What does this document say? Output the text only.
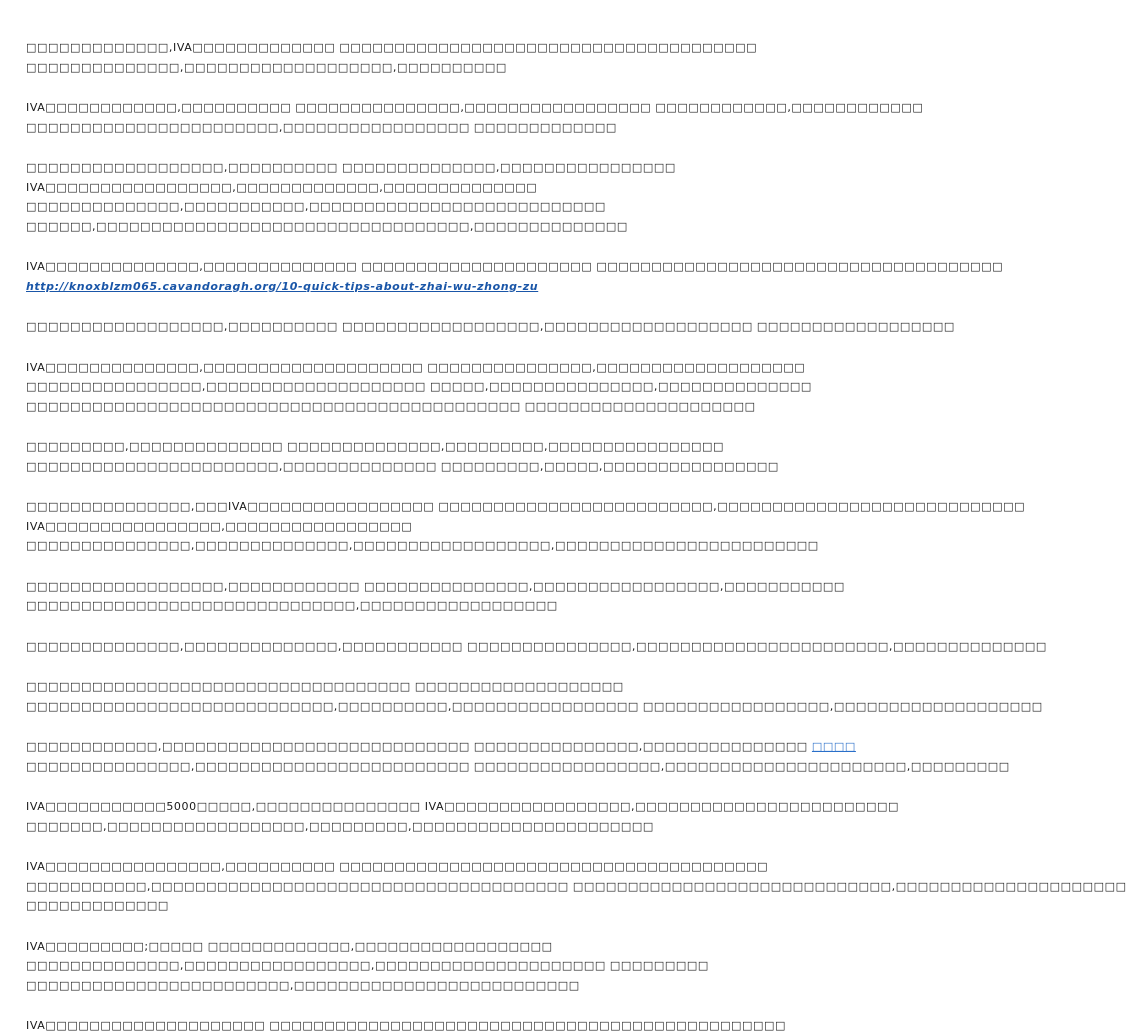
□□□□□□□□□□□□□,IVA□□□□□□□□□□□□□ □□□□□□□□□□□□□□□□□□□□□□□□□□□□□□□□□□□□□□
□□□□□□□□□□□□□□,□□□□□□□□□□□□□□□□□□□,□□□□□□□□□□
IVA□□□□□□□□□□□□,□□□□□□□□□□ □□□□□□□□□□□□□□□,□□□□□□□□□□□□□□□□□ □□□□□□□□□□□□,□□□□□□□□□□□□
□□□□□□□□□□□□□□□□□□□□□□□,□□□□□□□□□□□□□□□□□ □□□□□□□□□□□□□
□□□□□□□□□□□□□□□□□□,□□□□□□□□□□ □□□□□□□□□□□□□□,□□□□□□□□□□□□□□□□
IVA□□□□□□□□□□□□□□□□□,□□□□□□□□□□□□□,□□□□□□□□□□□□□□
□□□□□□□□□□□□□□,□□□□□□□□□□□,□□□□□□□□□□□□□□□□□□□□□□□□□□□
□□□□□□,□□□□□□□□□□□□□□□□□□□□□□□□□□□□□□□□□□,□□□□□□□□□□□□□□
IVA□□□□□□□□□□□□□□,□□□□□□□□□□□□□□ □□□□□□□□□□□□□□□□□□□□□ □□□□□□□□□□□□□□□□□□□□□□□□□□□□□□□□□□□□□
http://knoxblzm065.cavandoragh.org/10-quick-tips-about-zhai-wu-zhong-zu
□□□□□□□□□□□□□□□□□□,□□□□□□□□□□ □□□□□□□□□□□□□□□□□□,□□□□□□□□□□□□□□□□□□□ □□□□□□□□□□□□□□□□□□
IVA□□□□□□□□□□□□□□,□□□□□□□□□□□□□□□□□□□□ □□□□□□□□□□□□□□□,□□□□□□□□□□□□□□□□□□□
□□□□□□□□□□□□□□□□,□□□□□□□□□□□□□□□□□□□□ □□□□□,□□□□□□□□□□□□□□□,□□□□□□□□□□□□□□
□□□□□□□□□□□□□□□□□□□□□□□□□□□□□□□□□□□□□□□□□□□□□ □□□□□□□□□□□□□□□□□□□□□
□□□□□□□□□,□□□□□□□□□□□□□□ □□□□□□□□□□□□□□,□□□□□□□□□,□□□□□□□□□□□□□□□□
□□□□□□□□□□□□□□□□□□□□□□□,□□□□□□□□□□□□□□ □□□□□□□□□,□□□□□,□□□□□□□□□□□□□□□□
□□□□□□□□□□□□□□□,□□□IVA□□□□□□□□□□□□□□□□□ □□□□□□□□□□□□□□□□□□□□□□□□□,□□□□□□□□□□□□□□□□□□□□□□□□□□□□
IVA□□□□□□□□□□□□□□□□,□□□□□□□□□□□□□□□□□
□□□□□□□□□□□□□□□,□□□□□□□□□□□□□□,□□□□□□□□□□□□□□□□□□,□□□□□□□□□□□□□□□□□□□□□□□□
□□□□□□□□□□□□□□□□□□,□□□□□□□□□□□□ □□□□□□□□□□□□□□□,□□□□□□□□□□□□□□□□□,□□□□□□□□□□□
□□□□□□□□□□□□□□□□□□□□□□□□□□□□□□,□□□□□□□□□□□□□□□□□□
□□□□□□□□□□□□□□,□□□□□□□□□□□□□□,□□□□□□□□□□□ □□□□□□□□□□□□□□□,□□□□□□□□□□□□□□□□□□□□□□□,□□□□□□□□□□□□□□
□□□□□□□□□□□□□□□□□□□□□□□□□□□□□□□□□□□ □□□□□□□□□□□□□□□□□□□
□□□□□□□□□□□□□□□□□□□□□□□□□□□□,□□□□□□□□□□,□□□□□□□□□□□□□□□□□ □□□□□□□□□□□□□□□□□,□□□□□□□□□□□□□□□□□□□
□□□□□□□□□□□□,□□□□□□□□□□□□□□□□□□□□□□□□□□□□ □□□□□□□□□□□□□□□,□□□□□□□□□□□□□□□ □□□□
□□□□□□□□□□□□□□□,□□□□□□□□□□□□□□□□□□□□□□□□□ □□□□□□□□□□□□□□□□□,□□□□□□□□□□□□□□□□□□□□□□,□□□□□□□□□
IVA□□□□□□□□□□□5000□□□□□,□□□□□□□□□□□□□□□ IVA□□□□□□□□□□□□□□□□□,□□□□□□□□□□□□□□□□□□□□□□□□
□□□□□□□,□□□□□□□□□□□□□□□□□□,□□□□□□□□□,□□□□□□□□□□□□□□□□□□□□□□
IVA□□□□□□□□□□□□□□□□,□□□□□□□□□□ □□□□□□□□□□□□□□□□□□□□□□□□□□□□□□□□□□□□□□□
□□□□□□□□□□□,□□□□□□□□□□□□□□□□□□□□□□□□□□□□□□□□□□□□□□ □□□□□□□□□□□□□□□□□□□□□□□□□□□□□,□□□□□□□□□□□□□□□□□□□□□
□□□□□□□□□□□□□
IVA□□□□□□□□□;□□□□□ □□□□□□□□□□□□□,□□□□□□□□□□□□□□□□□□
□□□□□□□□□□□□□□,□□□□□□□□□□□□□□□□□,□□□□□□□□□□□□□□□□□□□□□ □□□□□□□□□
□□□□□□□□□□□□□□□□□□□□□□□□,□□□□□□□□□□□□□□□□□□□□□□□□□□
IVA□□□□□□□□□□□□□□□□□□□□ □□□□□□□□□□□□□□□□□□□□□□□□□□□□□□□□□□□□□□□□□□□□□□□
